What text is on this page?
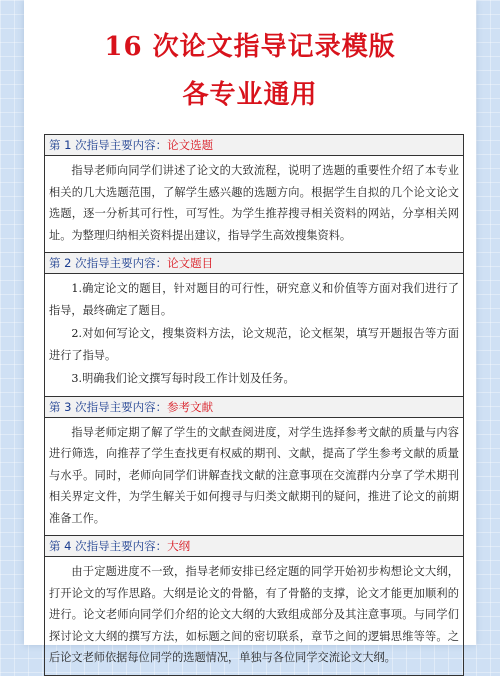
16 次论文指导记录模版
各专业通用
第 1 次指导主要内容：论文选题

指导老师向同学们讲述了论文的大致流程，说明了选题的重要性介绍了本专业相关的几大选题范围，了解学生感兴趣的选题方向。根据学生自拟的几个论文论文选题，逐一分析其可行性，可写性。为学生推荐搜寻相关资料的网站，分享相关网址。为整理归纳相关资料提出建议，指导学生高效搜集资料。

第 2 次指导主要内容：论文题目

1.确定论文的题目，针对题目的可行性，研究意义和价值等方面对我们进行了指导，最终确定了题目。

2.对如何写论文，搜集资料方法，论文规范，论文框架，填写开题报告等方面进行了指导。

3.明确我们论文撰写每时段工作计划及任务。

第 3 次指导主要内容：参考文献

指导老师定期了解了学生的文献查阅进度，对学生选择参考文献的质量与内容进行筛选，向推荐了学生查找更有权威的期刊、文献，提高了学生参考文献的质量与水乎。同时，老师向同学们讲解查找文献的注意事项在交流群内分享了学术期刊相关界定文件，为学生解关于如何搜寻与归类文献期刊的疑问，推进了论文的前期准备工作。

第 4 次指导主要内容：大纲

由于定题进度不一致，指导老师安排已经定题的同学开始初步构想论文大纲，打开论文的写作思路。大纲是论文的骨骼，有了骨骼的支撑，论文才能更加顺利的进行。论文老师向同学们介绍的论文大纲的大致组成部分及其注意事项。与同学们探讨论文大纲的撰写方法，如标题之间的密切联系，章节之间的逻辑思维等等。之后论文老师依据每位同学的选题情况，单独与各位同学交流论文大纲。
